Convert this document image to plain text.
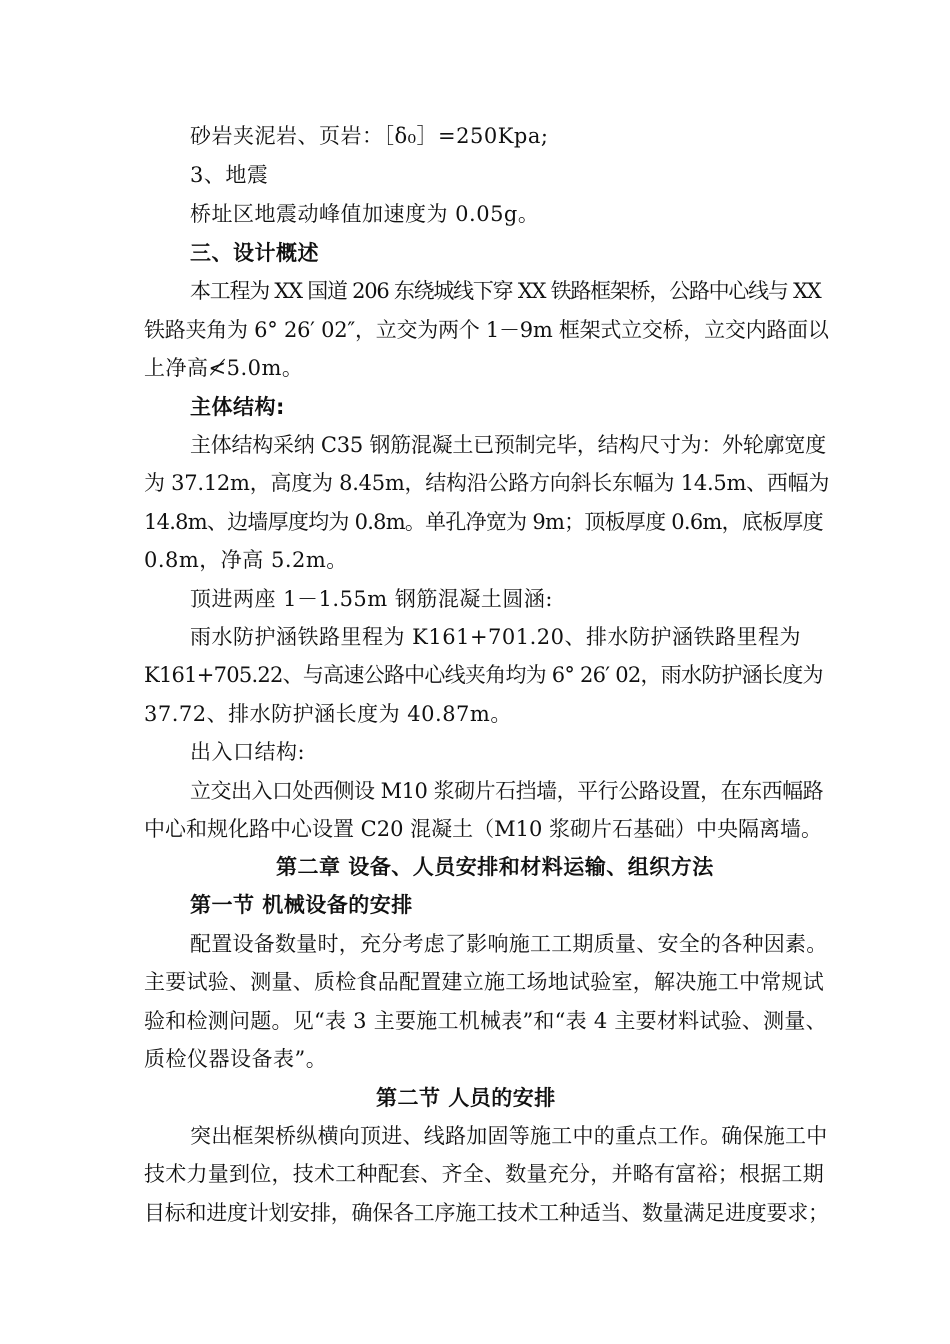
砂岩夹泥岩、页岩：［δ₀］=250Kpa;
3、地震
桥址区地震动峰值加速度为 0.05g。
三、设计概述
本工程为 XX 国道 206 东绕城线下穿 XX 铁路框架桥，公路中心线与 XX
铁路夹角为 6° 26′ 02″，立交为两个 1－9m 框架式立交桥，立交内路面以
上净高≮5.0m。
主体结构:
主体结构采纳 C35 钢筋混凝土已预制完毕，结构尺寸为：外轮廓宽度
为 37.12m，高度为 8.45m，结构沿公路方向斜长东幅为 14.5m、西幅为
14.8m、边墙厚度均为 0.8m。单孔净宽为 9m；顶板厚度 0.6m，底板厚度
0.8m，净高 5.2m。
顶进两座 1－1.55m 钢筋混凝土圆涵:
雨水防护涵铁路里程为 K161+701.20、排水防护涵铁路里程为
K161+705.22、与高速公路中心线夹角均为 6° 26′ 02，雨水防护涵长度为
37.72、排水防护涵长度为 40.87m。
出入口结构:
立交出入口处西侧设 M10 浆砌片石挡墙，平行公路设置，在东西幅路
中心和规化路中心设置 C20 混凝土（M10 浆砌片石基础）中央隔离墙。
第二章 设备、人员安排和材料运输、组织方法
第一节 机械设备的安排
配置设备数量时，充分考虑了影响施工工期质量、安全的各种因素。
主要试验、测量、质检食品配置建立施工场地试验室，解决施工中常规试
验和检测问题。见“表 3 主要施工机械表”和“表 4 主要材料试验、测量、
质检仪器设备表”。
第二节 人员的安排
突出框架桥纵横向顶进、线路加固等施工中的重点工作。确保施工中
技术力量到位，技术工种配套、齐全、数量充分，并略有富裕；根据工期
目标和进度计划安排，确保各工序施工技术工种适当、数量满足进度要求；
